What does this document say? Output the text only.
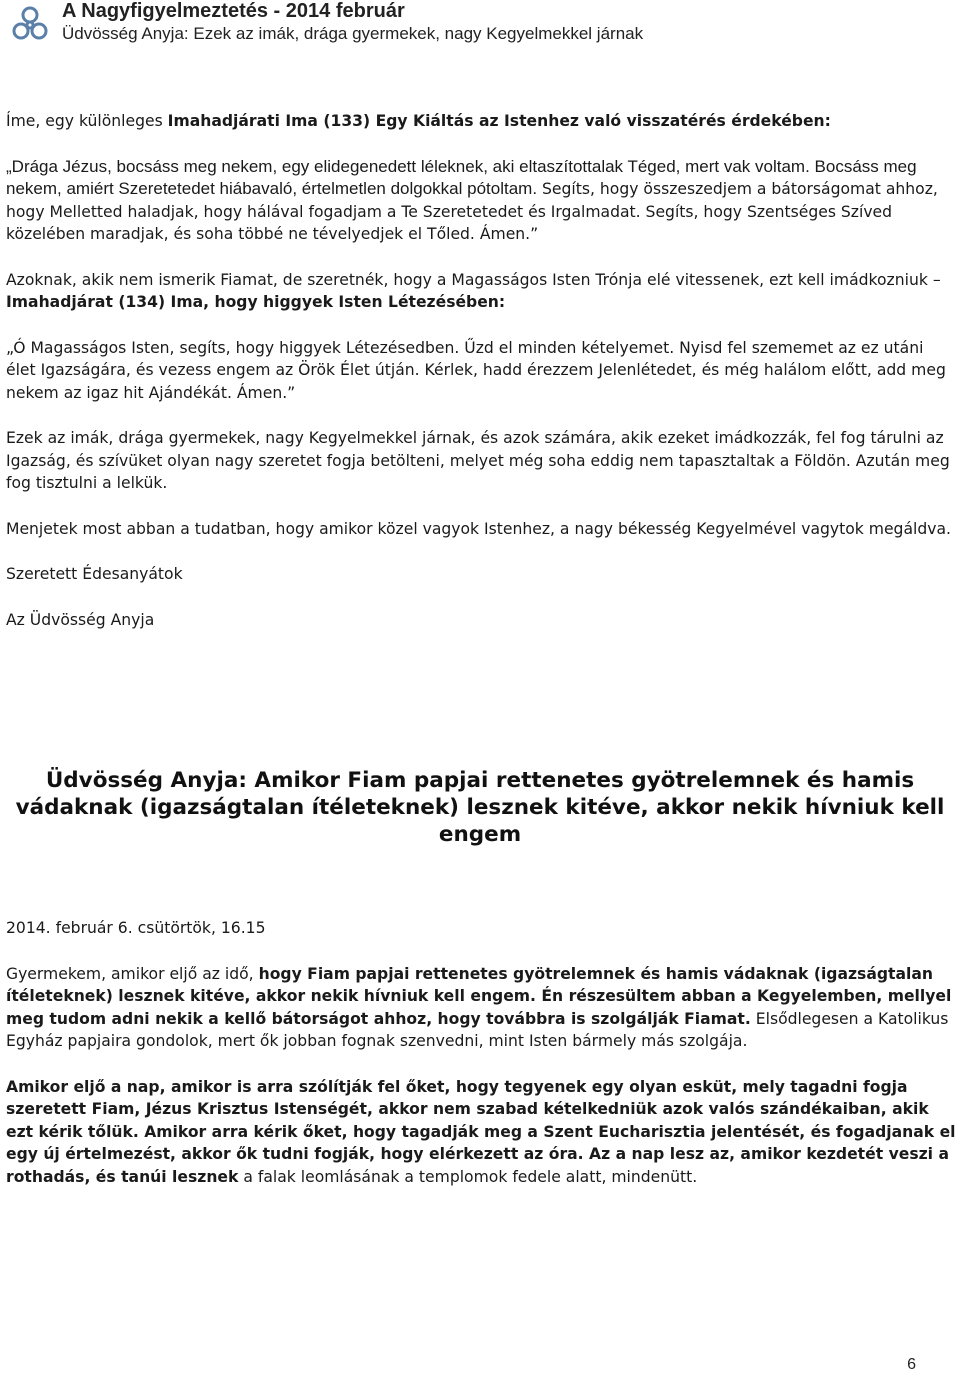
A Nagyfigyelmeztetés - 2014 február
Üdvösség Anyja: Ezek az imák, drága gyermekek, nagy Kegyelmekkel járnak

Íme, egy különleges Imahadjárati Ima (133) Egy Kiáltás az Istenhez való visszatérés érdekében:

„Drága Jézus, bocsáss meg nekem, egy elidegenedett léleknek, aki eltaszítottalak Téged, mert vak voltam. Bocsáss meg nekem, amiért Szeretetedet hiábavaló, értelmetlen dolgokkal pótoltam. Segíts, hogy összeszedjem a bátorságomat ahhoz, hogy Melletted haladjak, hogy hálával fogadjam a Te Szeretetedet és Irgalmadat. Segíts, hogy Szentséges Szíved közelében maradjak, és soha többé ne tévelyedjek el Tőled. Ámen.”

Azoknak, akik nem ismerik Fiamat, de szeretnék, hogy a Magasságos Isten Trónja elé vitessenek, ezt kell imádkozniuk – Imahadjárat (134) Ima, hogy higgyek Isten Létezésében:

„Ó Magasságos Isten, segíts, hogy higgyek Létezésedben. Űzd el minden kételyemet. Nyisd fel szememet az ez utáni élet Igazságára, és vezess engem az Örök Élet útján. Kérlek, hadd érezzem Jelenlétedet, és még halálom előtt, add meg nekem az igaz hit Ajándékát. Ámen.”

Ezek az imák, drága gyermekek, nagy Kegyelmekkel járnak, és azok számára, akik ezeket imádkozzák, fel fog tárulni az Igazság, és szívüket olyan nagy szeretet fogja betölteni, melyet még soha eddig nem tapasztaltak a Földön. Azután meg fog tisztulni a lelkük.

Menjetek most abban a tudatban, hogy amikor közel vagyok Istenhez, a nagy békesség Kegyelmével vagytok megáldva.

Szeretett Édesanyátok

Az Üdvösség Anyja

Üdvösség Anyja: Amikor Fiam papjai rettenetes gyötrelemnek és hamis vádaknak (igazságtalan ítéleteknek) lesznek kitéve, akkor nekik hívniuk kell engem

2014. február 6. csütörtök, 16.15

Gyermekem, amikor eljő az idő, hogy Fiam papjai rettenetes gyötrelemnek és hamis vádaknak (igazságtalan ítéleteknek) lesznek kitéve, akkor nekik hívniuk kell engem. Én részesültem abban a Kegyelemben, mellyel meg tudom adni nekik a kellő bátorságot ahhoz, hogy továbbra is szolgálják Fiamat. Elsődlegesen a Katolikus Egyház papjaira gondolok, mert ők jobban fognak szenvedni, mint Isten bármely más szolgája.

Amikor eljő a nap, amikor is arra szólítják fel őket, hogy tegyenek egy olyan esküt, mely tagadni fogja szeretett Fiam, Jézus Krisztus Istenségét, akkor nem szabad kételkedniük azok valós szándékaiban, akik ezt kérik tőlük. Amikor arra kérik őket, hogy tagadják meg a Szent Eucharisztia jelentését, és fogadjanak el egy új értelmezést, akkor ők tudni fogják, hogy elérkezett az óra. Az a nap lesz az, amikor kezdetét veszi a rothadás, és tanúi lesznek a falak leomlásának a templomok fedele alatt, mindenütt.

6
